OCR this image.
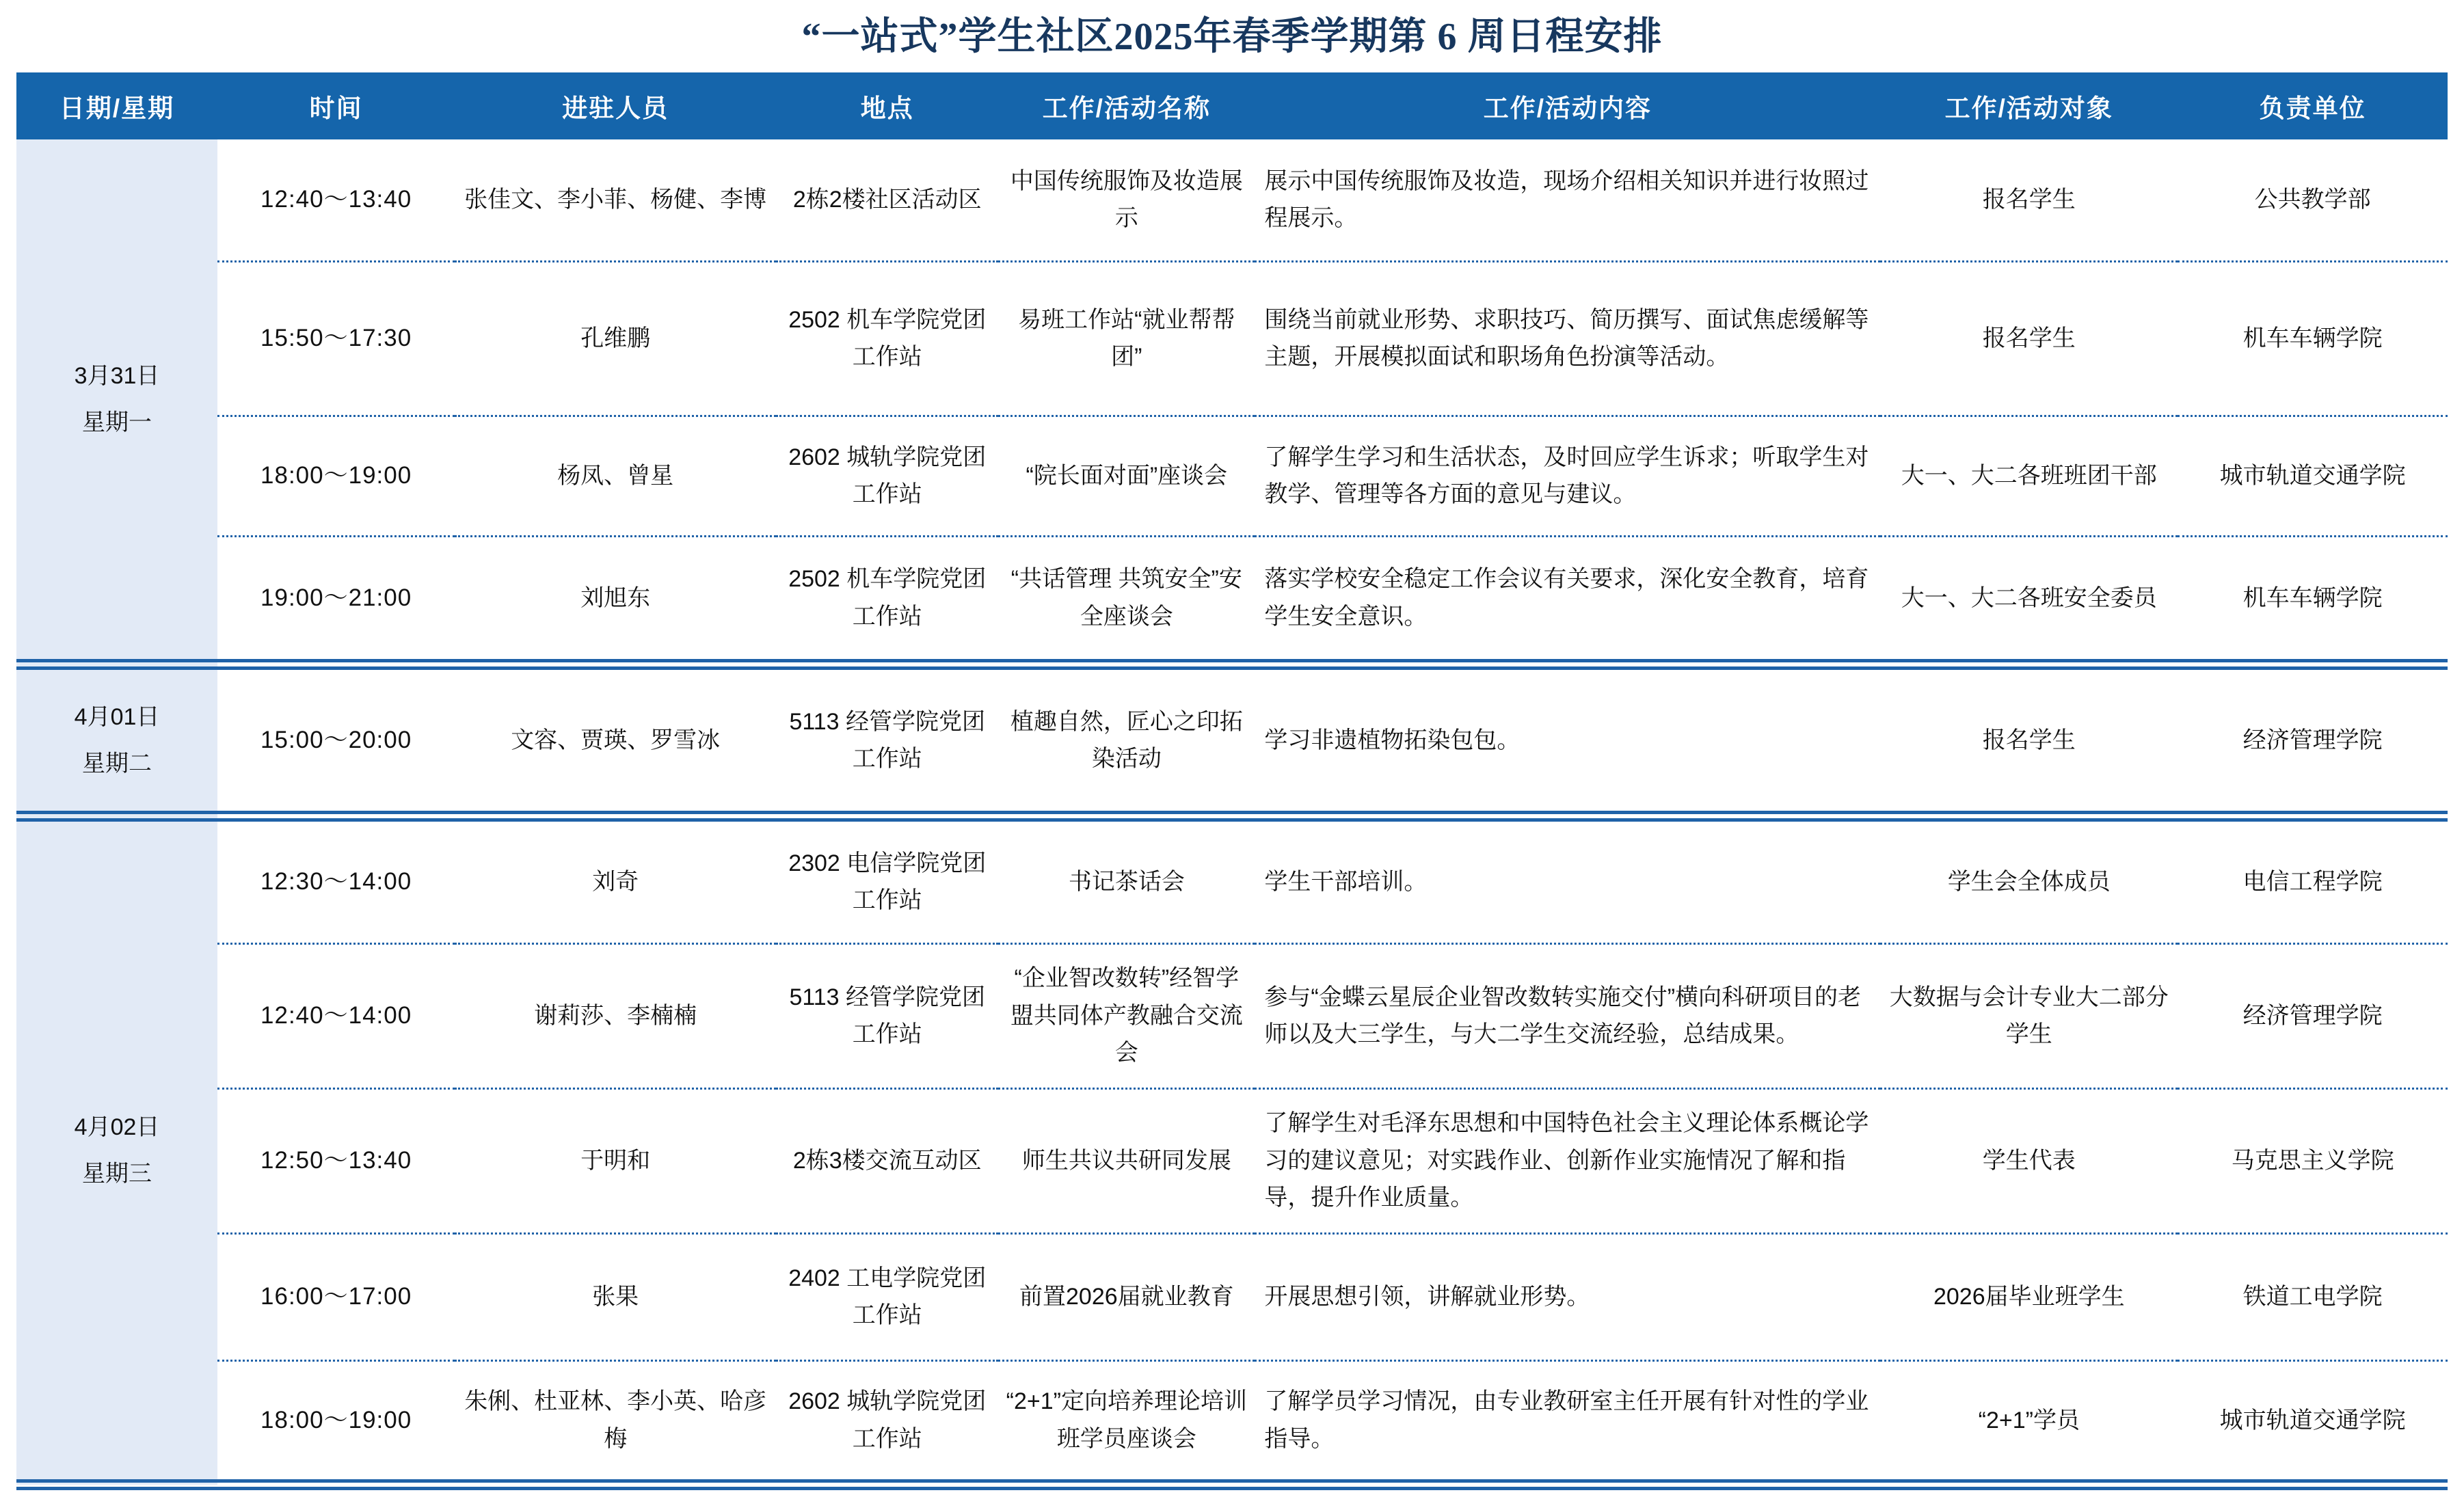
“一站式”学生社区2025年春季学期第 6 周日程安排
日期/星期	时间	进驻人员	地点	工作/活动名称	工作/活动内容	工作/活动对象	负责单位

3月31日
星期一	12:40～13:40	张佳文、李小菲、杨健、李博	2栋2楼社区活动区	中国传统服饰及妆造展示	展示中国传统服饰及妆造，现场介绍相关知识并进行妆照过程展示。	报名学生	公共教学部
	15:50～17:30	孔维鹏	2502 机车学院党团工作站	易班工作站“就业帮帮团”	围绕当前就业形势、求职技巧、简历撰写、面试焦虑缓解等主题，开展模拟面试和职场角色扮演等活动。	报名学生	机车车辆学院
	18:00～19:00	杨凤、曾星	2602 城轨学院党团工作站	“院长面对面”座谈会	了解学生学习和生活状态，及时回应学生诉求；听取学生对教学、管理等各方面的意见与建议。	大一、大二各班班团干部	城市轨道交通学院
	19:00～21:00	刘旭东	2502 机车学院党团工作站	“共话管理 共筑安全”安全座谈会	落实学校安全稳定工作会议有关要求，深化安全教育，培育学生安全意识。	大一、大二各班安全委员	机车车辆学院

4月01日
星期二	15:00～20:00	文容、贾瑛、罗雪冰	5113 经管学院党团工作站	植趣自然，匠心之印拓染活动	学习非遗植物拓染包包。	报名学生	经济管理学院

4月02日
星期三	12:30～14:00	刘奇	2302 电信学院党团工作站	书记茶话会	学生干部培训。	学生会全体成员	电信工程学院
	12:40～14:00	谢莉莎、李楠楠	5113 经管学院党团工作站	“企业智改数转”经智学盟共同体产教融合交流会	参与“金蝶云星辰企业智改数转实施交付”横向科研项目的老师以及大三学生，与大二学生交流经验，总结成果。	大数据与会计专业大二部分学生	经济管理学院
	12:50～13:40	于明和	2栋3楼交流互动区	师生共议共研同发展	了解学生对毛泽东思想和中国特色社会主义理论体系概论学习的建议意见；对实践作业、创新作业实施情况了解和指导，提升作业质量。	学生代表	马克思主义学院
	16:00～17:00	张果	2402 工电学院党团工作站	前置2026届就业教育	开展思想引领，讲解就业形势。	2026届毕业班学生	铁道工电学院
	18:00～19:00	朱俐、杜亚林、李小英、哈彦梅	2602 城轨学院党团工作站	“2+1”定向培养理论培训班学员座谈会	了解学员学习情况，由专业教研室主任开展有针对性的学业指导。	“2+1”学员	城市轨道交通学院
